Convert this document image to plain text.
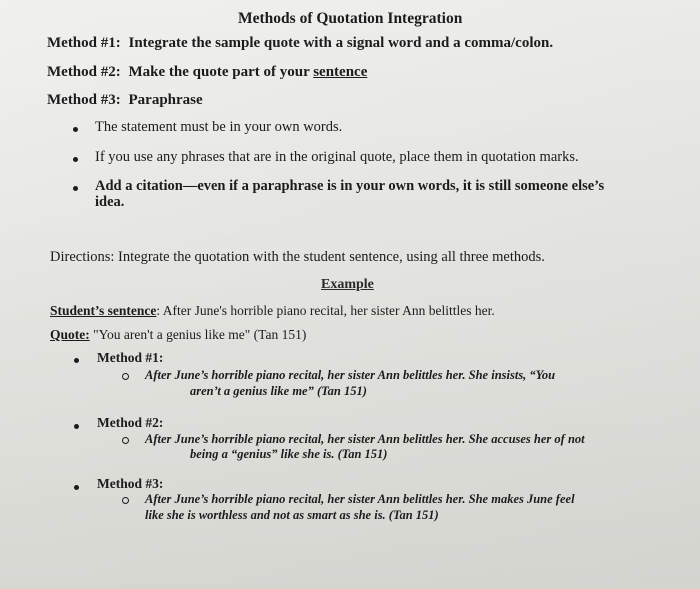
Methods of Quotation Integration
Method #1: Integrate the sample quote with a signal word and a comma/colon.
Method #2: Make the quote part of your sentence
Method #3: Paraphrase
The statement must be in your own words.
If you use any phrases that are in the original quote, place them in quotation marks.
Add a citation—even if a paraphrase is in your own words, it is still someone else’s
idea.
Directions: Integrate the quotation with the student sentence, using all three methods.
Example
Student’s sentence: After June's horrible piano recital, her sister Ann belittles her.
Quote: "You aren't a genius like me" (Tan 151)
Method #1:
After June’s horrible piano recital, her sister Ann belittles her. She insists, “You
aren’t a genius like me” (Tan 151)
Method #2:
After June’s horrible piano recital, her sister Ann belittles her. She accuses her of not
being a “genius” like she is. (Tan 151)
Method #3:
After June’s horrible piano recital, her sister Ann belittles her. She makes June feel
like she is worthless and not as smart as she is. (Tan 151)
